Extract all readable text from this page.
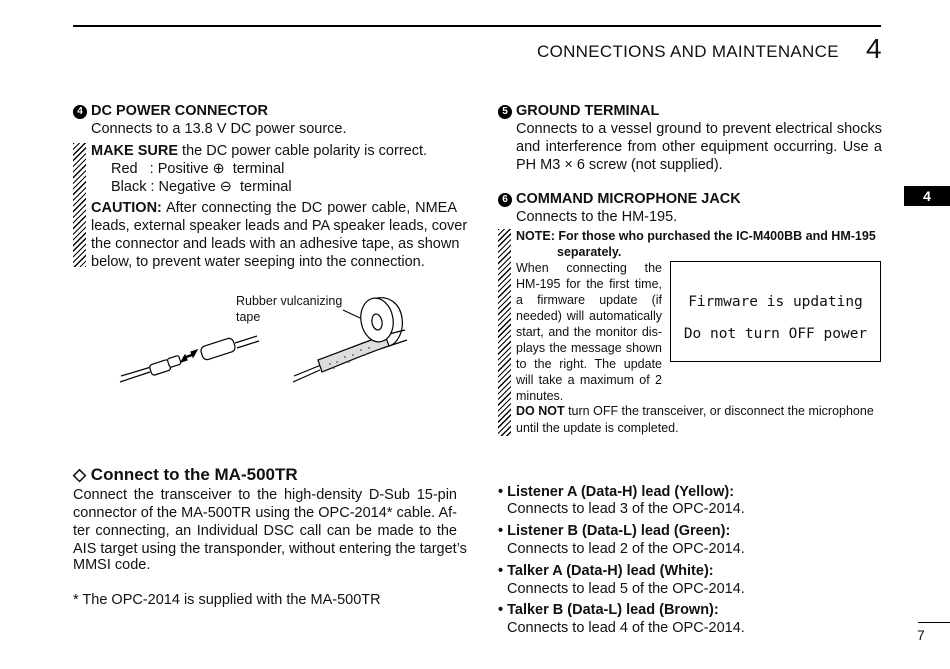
CONNECTIONS AND MAINTENANCE 4
4
4 DC POWER CONNECTOR
Connects to a 13.8 V DC power source.
MAKE SURE the DC power cable polarity is correct.
Red   : Positive ⊕  terminal
Black : Negative ⊖  terminal
CAUTION: After connecting the DC power cable, NMEA
leads, external speaker leads and PA speaker leads, cover
the connector and leads with an adhesive tape, as shown
below, to prevent water seeping into the connection.
Rubber vulcanizing
tape
5 GROUND TERMINAL
Connects to a vessel ground to prevent electrical shocks
and interference from other equipment occurring. Use a
PH M3 × 6 screw (not supplied).
6 COMMAND MICROPHONE JACK
Connects to the HM-195.
NOTE: For those who purchased the IC-M400BB and HM-195
separately.
When connecting the
HM-195 for the first time,
a firmware update (if
needed) will automatically
start, and the monitor dis-
plays the message shown
to the right. The update
will take a maximum of 2
minutes.
Firmware is updating
Do not turn OFF power
DO NOT turn OFF the transceiver, or disconnect the microphone
until the update is completed.
◇ Connect to the MA-500TR
Connect the transceiver to the high-density D-Sub 15-pin
connector of the MA-500TR using the OPC-2014* cable. Af-
ter connecting, an Individual DSC call can be made to the
AIS target using the transponder, without entering the target’s
MMSI code.
* The OPC-2014 is supplied with the MA-500TR
• Listener A (Data-H) lead (Yellow):
Connects to lead 3 of the OPC-2014.
• Listener B (Data-L) lead (Green):
Connects to lead 2 of the OPC-2014.
• Talker A (Data-H) lead (White):
Connects to lead 5 of the OPC-2014.
• Talker B (Data-L) lead (Brown):
Connects to lead 4 of the OPC-2014.	7
